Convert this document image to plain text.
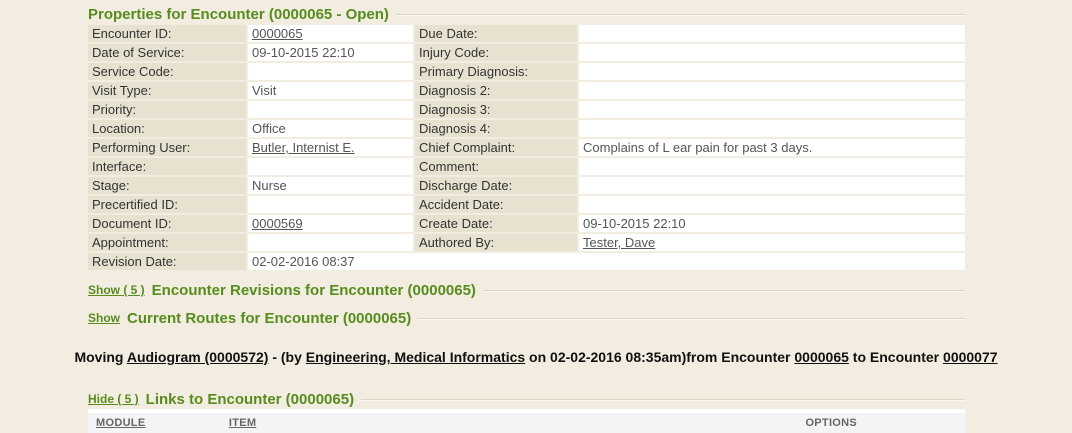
Properties for Encounter (0000065 - Open)
Encounter ID:	0000065	Due Date:	
Date of Service:	09-10-2015 22:10	Injury Code:	
Service Code:		Primary Diagnosis:	
Visit Type:	Visit	Diagnosis 2:	
Priority:		Diagnosis 3:	
Location:	Office	Diagnosis 4:	
Performing User:	Butler, Internist E.	Chief Complaint:	Complains of L ear pain for past 3 days.
Interface:		Comment:	
Stage:	Nurse	Discharge Date:	
Precertified ID:		Accident Date:	
Document ID:	0000569	Create Date:	09-10-2015 22:10
Appointment:		Authored By:	Tester, Dave
Revision Date:	02-02-2016 08:37		
Show ( 5 ) Encounter Revisions for Encounter (0000065)
Show Current Routes for Encounter (0000065)
Moving Audiogram (0000572) - (by Engineering, Medical Informatics on 02-02-2016 08:35am)from Encounter 0000065 to Encounter 0000077
Hide ( 5 ) Links to Encounter (0000065)
MODULE	ITEM	OPTIONS
